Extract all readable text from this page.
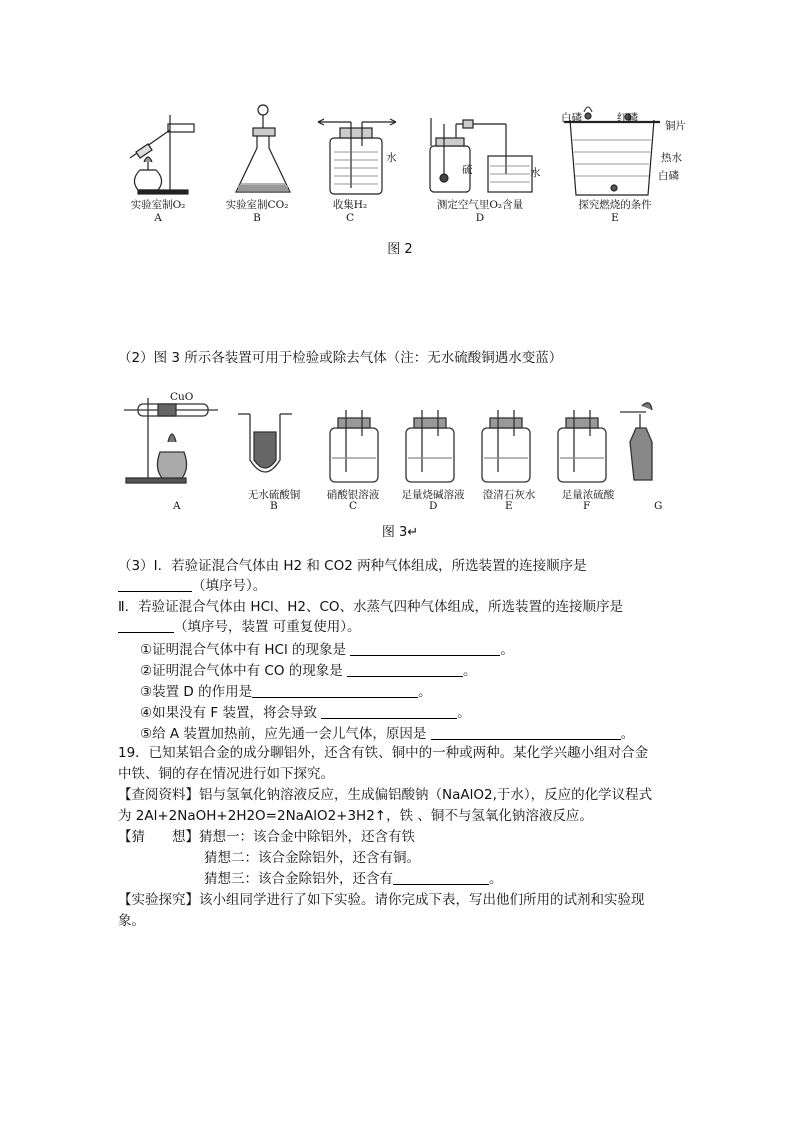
白磷	红磷
铜片
热水
白磷
水
硫	水
实验室制O₂
A
实验室制CO₂
B
收集H₂
C
测定空气里O₂含量
D
探究燃烧的条件
E
图 2
（2）图 3 所示各装置可用于检验或除去气体（注：无水硫酸铜遇水变蓝）
CuO
无水硫酸铜	硝酸银溶液	足量烧碱溶液	澄清石灰水	足量浓硫酸
A	B	C	D	E	F	G
图 3↵
（3）Ⅰ．若验证混合气体由 H2 和 CO2 两种气体组成，所选装置的连接顺序是
（填序号）。
Ⅱ．若验证混合气体由 HCl、H2、CO、水蒸气四种气体组成，所选装置的连接顺序是
（填序号，装置 可重复使用）。
①证明混合气体中有 HCl 的现象是	。
②证明混合气体中有 CO 的现象是	。
③装置 D 的作用是	。
④如果没有 F 装置，将会导致	。
⑤给 A 装置加热前，应先通一会儿气体，原因是	。
19．已知某铝合金的成分聊铝外，还含有铁、铜中的一种或两种。某化学兴趣小组对合金
中铁、铜的存在情况进行如下探究。
【查阅资料】铝与氢氧化钠溶液反应，生成偏铝酸钠（NaAlO2,于水），反应的化学议程式
为 2Al+2NaOH+2H2O=2NaAlO2+3H2↑，铁 、铜不与氢氧化钠溶液反应。
【猜　　想】猜想一：该合金中除铝外，还含有铁
猜想二：该合金除铝外，还含有铜。
猜想三：该合金除铝外，还含有	。
【实验探究】该小组同学进行了如下实验。请你完成下表，写出他们所用的试剂和实验现
象。
